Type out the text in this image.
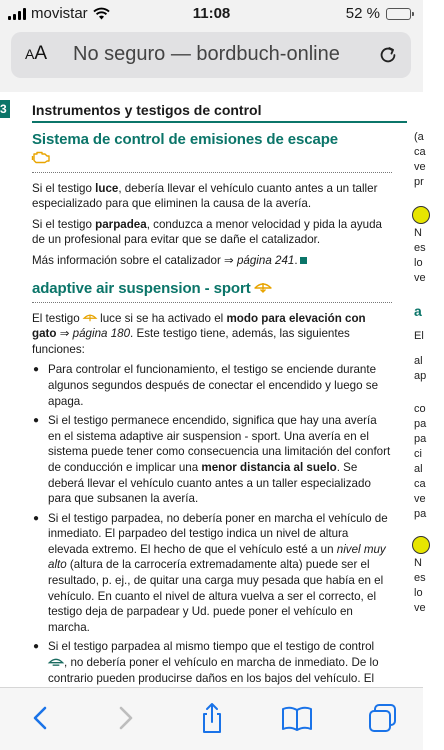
movistar	11:08	52 %
AA No seguro — bordbuch-online
3 Instrumentos y testigos de control
Sistema de control de emisiones de escape

Si el testigo luce, debería llevar el vehículo cuanto antes a un taller especializado para que eliminen la causa de la avería.

Si el testigo parpadea, conduzca a menor velocidad y pida la ayuda de un profesional para evitar que se dañe el catalizador.

Más información sobre el catalizador ⇒ página 241.

adaptive air suspension - sport

El testigo  luce si se ha activado el modo para elevación con gato ⇒ página 180. Este testigo tiene, además, las siguientes funciones:

● Para controlar el funcionamiento, el testigo se enciende durante algunos segundos después de conectar el encendido y luego se apaga.
● Si el testigo permanece encendido, significa que hay una avería en el sistema adaptive air suspension - sport. Una avería en el sistema puede tener como consecuencia una limitación del confort de conducción e implicar una menor distancia al suelo. Se deberá llevar el vehículo cuanto antes a un taller especializado para que subsanen la avería.
● Si el testigo parpadea, no debería poner en marcha el vehículo de inmediato. El parpadeo del testigo indica un nivel de altura elevada extremo. El hecho de que el vehículo esté a un nivel muy alto (altura de la carrocería extremadamente alta) puede ser el resultado, p. ej., de quitar una carga muy pesada que había en el vehículo. En cuanto el nivel de altura vuelva a ser el correcto, el testigo deja de parpadear y Ud. puede poner el vehículo en marcha.
● Si el testigo parpadea al mismo tiempo que el testigo de control , no debería poner el vehículo en marcha de inmediato. De lo contrario pueden producirse daños en los bajos del vehículo. El
(a
ca
ve
pr
N
es
lo
ve
a
El
al
ap
co
pa
pa
ci
al
ca
ve
pa
N
es
lo
ve
